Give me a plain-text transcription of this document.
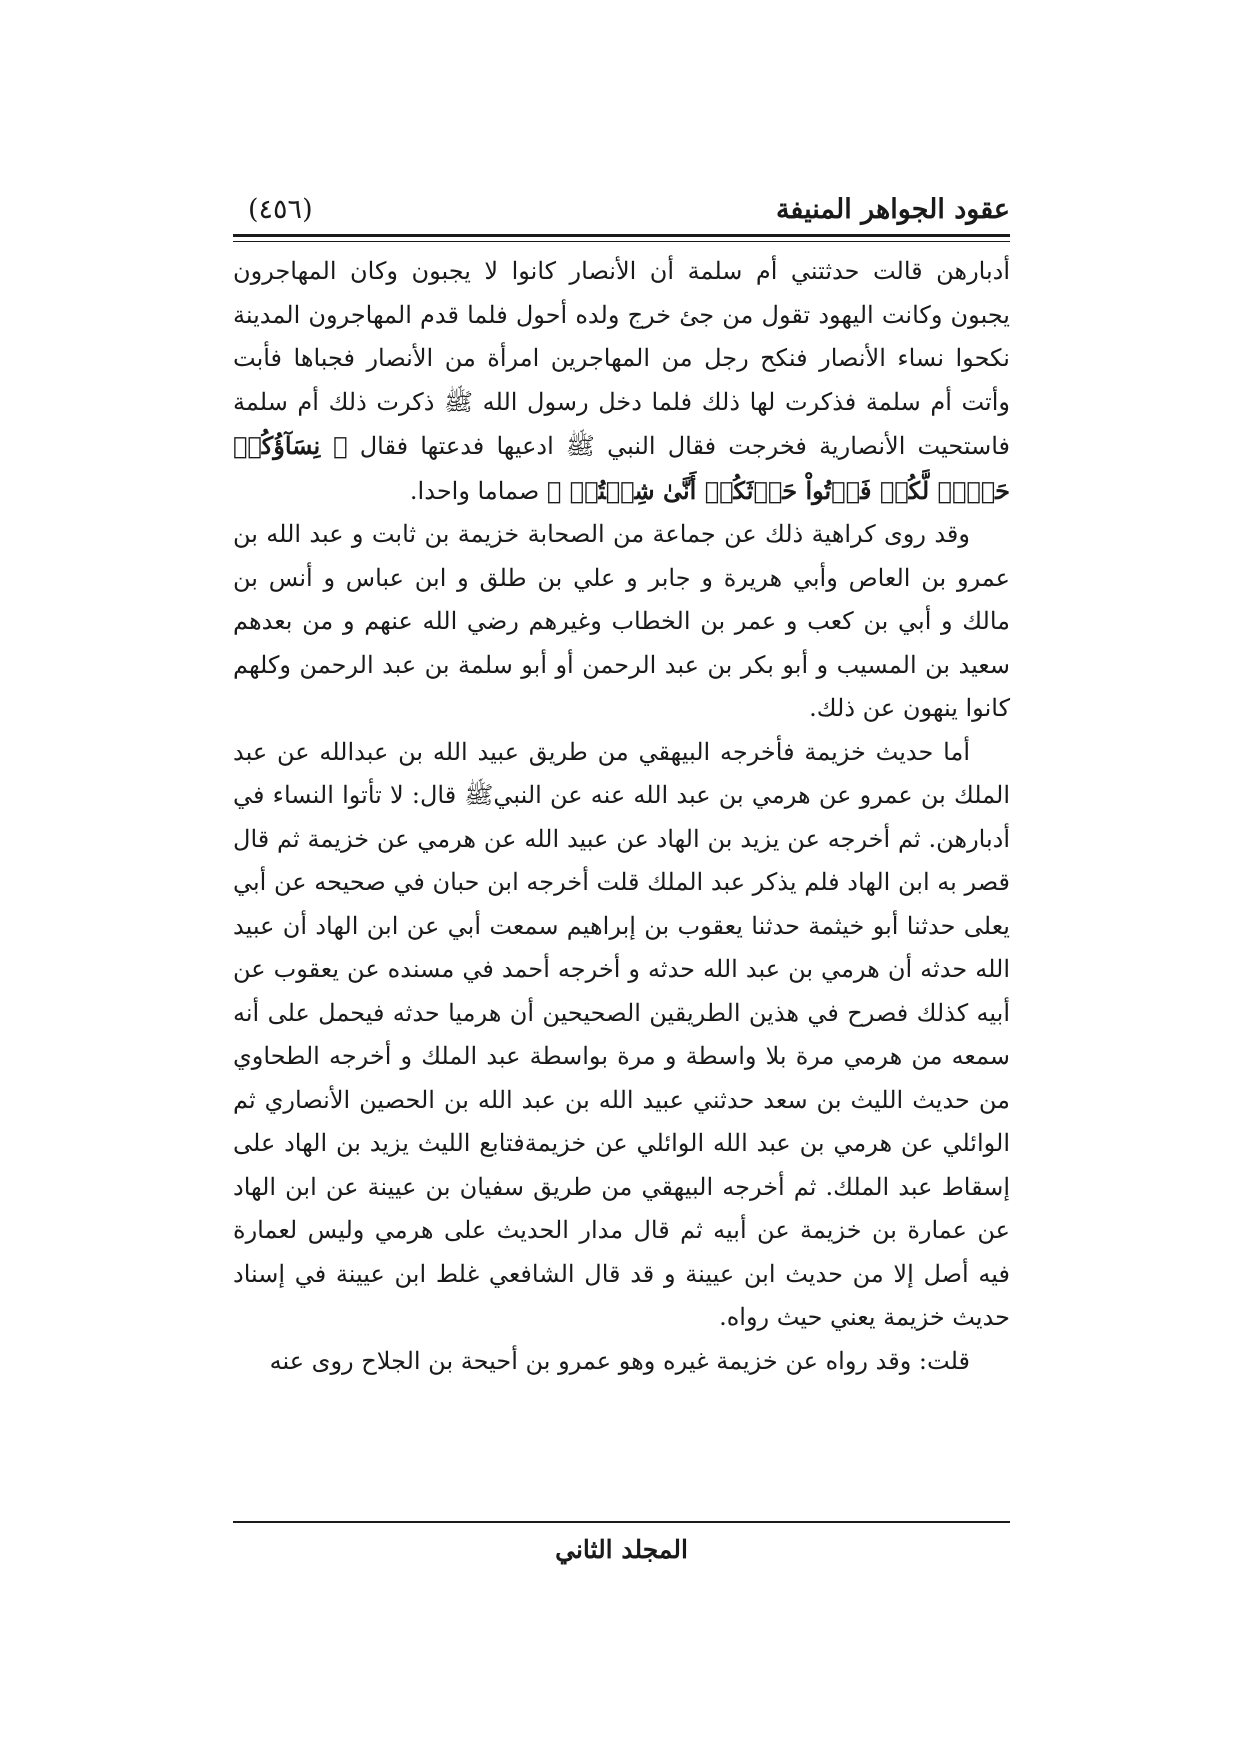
عقود الجواهر المنيفة
(٤٥٦)

أدبارهن قالت حدثتني أم سلمة أن الأنصار كانوا لا يجبون وكان المهاجرون يجبون وكانت اليهود تقول من جئ خرج ولده أحول فلما قدم المهاجرون المدينة نكحوا نساء الأنصار فنكح رجل من المهاجرين امرأة من الأنصار فجباها فأبت وأتت أم سلمة فذكرت لها ذلك فلما دخل رسول الله ﷺ ذكرت ذلك أم سلمة فاستحيت الأنصارية فخرجت فقال النبي ﷺ ادعيها فدعتها فقال ﴿ نِسَآؤُكُمۡ حَرۡثٞ لَّكُمۡ فَأۡتُواْ حَرۡثَكُمۡ أَنَّىٰ شِئۡتُمۡ ﴾ صماما واحدا.

وقد روى كراهية ذلك عن جماعة من الصحابة خزيمة بن ثابت و عبد الله بن عمرو بن العاص وأبي هريرة و جابر و علي بن طلق و ابن عباس و أنس بن مالك و أبي بن كعب و عمر بن الخطاب وغيرهم رضي الله عنهم و من بعدهم سعيد بن المسيب و أبو بكر بن عبد الرحمن أو أبو سلمة بن عبد الرحمن وكلهم كانوا ينهون عن ذلك.

أما حديث خزيمة فأخرجه البيهقي من طريق عبيد الله بن عبدالله عن عبد الملك بن عمرو عن هرمي بن عبد الله عنه عن النبيﷺ قال: لا تأتوا النساء في أدبارهن. ثم أخرجه عن يزيد بن الهاد عن عبيد الله عن هرمي عن خزيمة ثم قال قصر به ابن الهاد فلم يذكر عبد الملك قلت أخرجه ابن حبان في صحيحه عن أبي يعلى حدثنا أبو خيثمة حدثنا يعقوب بن إبراهيم سمعت أبي عن ابن الهاد أن عبيد الله حدثه أن هرمي بن عبد الله حدثه و أخرجه أحمد في مسنده عن يعقوب عن أبيه كذلك فصرح في هذين الطريقين الصحيحين أن هرميا حدثه فيحمل على أنه سمعه من هرمي مرة بلا واسطة و مرة بواسطة عبد الملك و أخرجه الطحاوي من حديث الليث بن سعد حدثني عبيد الله بن عبد الله بن الحصين الأنصاري ثم الوائلي عن هرمي بن عبد الله الوائلي عن خزيمةفتابع الليث يزيد بن الهاد على إسقاط عبد الملك. ثم أخرجه البيهقي من طريق سفيان بن عيينة عن ابن الهاد عن عمارة بن خزيمة عن أبيه ثم قال مدار الحديث على هرمي وليس لعمارة فيه أصل إلا من حديث ابن عيينة و قد قال الشافعي غلط ابن عيينة في إسناد حديث خزيمة يعني حيث رواه.

قلت: وقد رواه عن خزيمة غيره وهو عمرو بن أحيحة بن الجلاح روى عنه

المجلد الثاني
